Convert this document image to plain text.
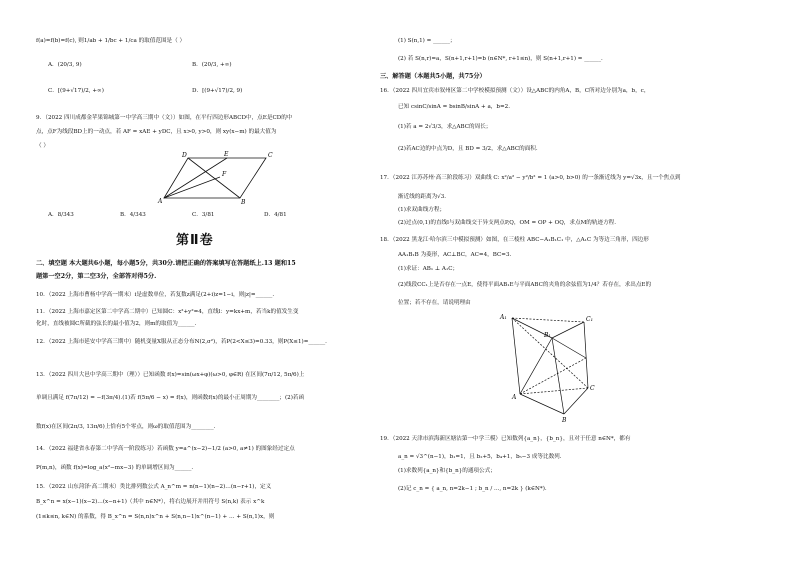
f(a)=f(b)=f(c), 则1/ab + 1/bc + 1/ca 的取值范围是（ ）
A．(20/3, 9)	B．(20/3, +∞)
C．[(9+√17)/2, +∞)	D．[(9+√17)/2, 9)
9．（2022 四川成都金苹果锦城第一中学高三期中（文））如图，在平行四边形ABCD中，点E是CD的中
点，点F为线段BD上的一动点，若 AF = xAE + yDC，且 x>0, y>0，则 xy(x−m) 的最大值为
（ ）
D	E	C
F
A	B
A．8/343	B．4/343	C．3/81	D．4/81
第Ⅱ卷
二、填空题 本大题共6小题，每小题5分，共30分.请把正确的答案填写在答题纸上.13 题和15
题第一空2分，第二空3分，全部答对得5分.
10．（2022 上海市曹杨中学高一期末）i是虚数单位，若复数z满足(2+i)z=1−i，则|z|=______.
11．（2022 上海市嘉定区第二中学高二期中）已知圆C：x²+y²=4，直线l：y=kx+m，若当k的值发生变
化时，直线被圆C所截的弦长的最小值为2，则m的取值为______.
12．（2022 上海市延安中学高三期中）随机变量X服从正态分布N(2,σ²)，若P(2<X≤3)=0.33，则P(X≤1)=______.
13．（2022 四川大邑中学高三期中（理））已知函数 f(x)=sin(ωx+φ)(ω>0, φ∈R) 在区间(7π/12, 5π/6)上
单调且满足 f(7π/12) = −f(3π/4).(1)若 f(5π/6 − x) = f(x)，则函数f(x)的最小正周期为________；(2)若函
数f(x)在区间(2π/3, 13π/6)上恰有5个零点，则ω的取值范围为________.
14．（2022 福建省永春第二中学高一阶段练习）若函数 y=a^(x−2)−1/2 (a>0, a≠1) 的图象经过定点
P(m,n)，函数 f(x)=log_a(x²−mx−3) 的单调增区间为______.
15．（2022 山东菏泽·高二期末）类比排列数公式 A_n^m = n(n−1)(n−2)…(n−r+1)，定义
B_x^n = x(x−1)(x−2)…(x−n+1)（其中 n∈N*），将右边展开并用符号 S(n,k) 表示 x^k
(1≤k≤n, k∈N) 的系数，得 B_x^n = S(n,n)x^n + S(n,n−1)x^(n−1) + … + S(n,1)x，则
(1) S(n,1) = ______；
(2) 若 S(n,r)=a，S(n+1,r+1)=b (n∈N*, r+1≤n)，则 S(n+1,r+1) = ______.
三、解答题（本题共5小题，共75分）
16．（2022 四川宜宾市叙州区第二中学校模拟预测（文））设△ABC的内角A，B，C所对边分别为a，b，c，
已知 csinC/sinA = bsinB/sinA + a，b=2.
(1)若 a = 2√3/3，求△ABC的周长；
(2)若AC边的中点为D，且 BD = 3/2，求△ABC的面积.
17．（2022 江苏苏州·高三阶段练习）双曲线 C: x²/a² − y²/b² = 1 (a>0, b>0) 的一条渐近线为 y=√3x，且一个焦点到
渐近线的距离为√3.
(1)求双曲线方程；
(2)过点(0,1)的直线l与双曲线交于异支两点P,Q，OM = OP + OQ，求点M的轨迹方程.
18．（2022 黑龙江·哈尔滨三中模拟预测）如图，在三棱柱 ABC−A₁B₁C₁ 中，△A₁C 为等边三角形，四边形
AA₁B₁B 为菱形，AC⊥BC，AC=4，BC=3.
(1)求证：AB₁ ⊥ A₁C；
(2)线段CC₁上是否存在一点E，使得平面AB₁E与平面ABC的夹角的余弦值为1/4？若存在，求出点E的
位置；若不存在，请说明理由
A₁	C₁
B₁
A
C
B
19．（2022 天津市滨海新区塘沽第一中学三模）已知数列{a_n}，{b_n}，且对于任意 n∈N*，都有
a_n = √3^(n−1)，b₁=1，且 b₂+5，b₄+1，b₅−3 成等比数列.
(1)求数列{a_n}和{b_n}的通项公式；
(2)记 c_n = { a_n, n=2k−1 ; b_n / ..., n=2k } (k∈N*).
